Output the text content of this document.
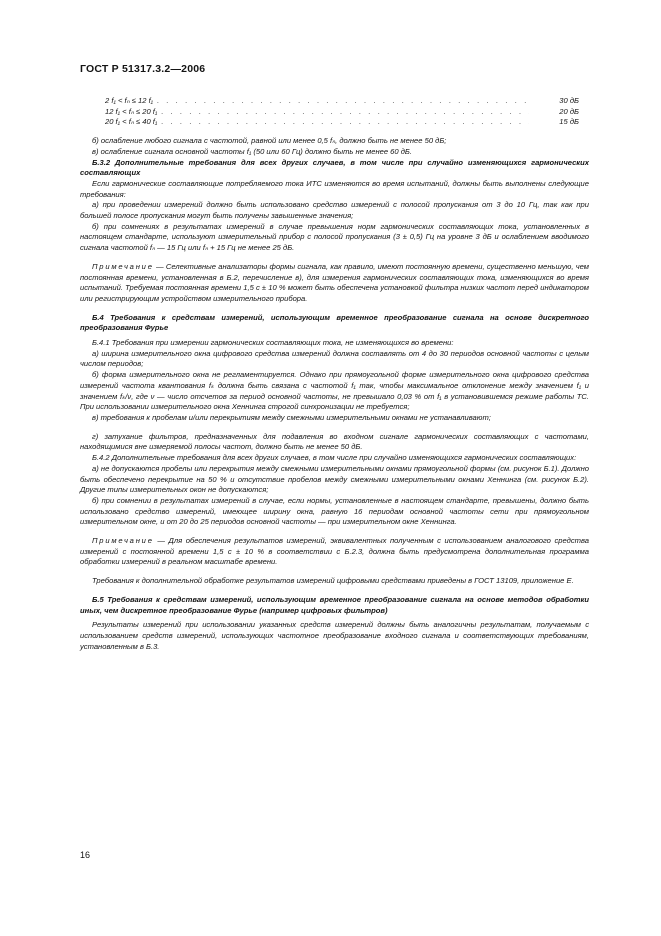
ГОСТ Р 51317.3.2—2006
2 f₁ < fₙ ≤ 12 f₁ . . .	30 дБ
12 f₁ < fₙ ≤ 20 f₁ . . .	20 дБ
20 f₁ < fₙ ≤ 40 f₁ . . .	15 дБ

б) ослабление любого сигнала с частотой, равной или менее 0,5 fₙ, должно быть не менее 50 дБ;

в) ослабление сигнала основной частоты f₁ (50 или 60 Гц) должно быть не менее 60 дБ.

Б.3.2 Дополнительные требования для всех других случаев, в том числе при случайно изменяющихся гармонических составляющих

Если гармонические составляющие потребляемого тока ИТС изменяются во время испытаний, должны быть выполнены следующие требования:

а) при проведении измерений должно быть использовано средство измерений с полосой пропускания от 3 до 10 Гц, так как при большей полосе пропускания могут быть получены завышенные значения;

б) при сомнениях в результатах измерений в случае превышения норм гармонических составляющих тока, установленных в настоящем стандарте, используют измерительный прибор с полосой пропускания (3 ± 0,5) Гц на уровне 3 дБ и ослаблением вводимого сигнала частотой fₙ — 15 Гц или fₙ + 15 Гц не менее 25 дБ.

Примечание — Селективные анализаторы формы сигнала, как правило, имеют постоянную времени, существенно меньшую, чем постоянная времени, установленная в Б.2, перечисление в), для измерения гармонических составляющих тока, изменяющихся во время испытаний. Требуемая постоянная времени 1,5 с ± 10 % может быть обеспечена установкой фильтра низких частот перед индикатором или регистрирующим устройством измерительного прибора.

Б.4 Требования к средствам измерений, использующим временное преобразование сигнала на основе дискретного преобразования Фурье

Б.4.1 Требования при измерении гармонических составляющих тока, не изменяющихся во времени:

а) ширина измерительного окна цифрового средства измерений должна составлять от 4 до 30 периодов основной частоты с целым числом периодов;

б) форма измерительного окна не регламентируется. Однако при прямоугольной форме измерительного окна цифрового средства измерений частота квантования fₖ должна быть связана с частотой f₁ так, чтобы максимальное отклонение между значением f₁ и значением fₖ/ν, где ν — число отсчетов за период основной частоты, не превышало 0,03 % от f₁ в установившемся режиме работы ТС. При использовании измерительного окна Хеннинга строгой синхронизации не требуется;

в) требования к пробелам и/или перекрытиям между смежными измерительными окнами не устанавливают;

г) затухание фильтров, предназначенных для подавления во входном сигнале гармонических составляющих с частотами, находящимися вне измеряемой полосы частот, должно быть не менее 50 дБ.

Б.4.2 Дополнительные требования для всех других случаев, в том числе при случайно изменяющихся гармонических составляющих:

а) не допускаются пробелы или перекрытия между смежными измерительными окнами прямоугольной формы (см. рисунок Б.1). Должно быть обеспечено перекрытие на 50 % и отсутствие пробелов между смежными измерительными окнами Хеннинга (см. рисунок Б.2). Другие типы измерительных окон не допускаются;

б) при сомнении в результатах измерений в случае, если нормы, установленные в настоящем стандарте, превышены, должно быть использовано средство измерений, имеющее ширину окна, равную 16 периодам основной частоты сети при прямоугольном измерительном окне, и от 20 до 25 периодов основной частоты — при измерительном окне Хеннинга.

Примечание — Для обеспечения результатов измерений, эквивалентных полученным с использованием аналогового средства измерений с постоянной времени 1,5 с ± 10 % в соответствии с Б.2.3, должна быть предусмотрена дополнительная программа обработки измерений в реальном масштабе времени.

Требования к дополнительной обработке результатов измерений цифровыми средствами приведены в ГОСТ 13109, приложение Е.

Б.5 Требования к средствам измерений, использующим временное преобразование сигнала на основе методов обработки иных, чем дискретное преобразование Фурье (например цифровых фильтров)

Результаты измерений при использовании указанных средств измерений должны быть аналогичны результатам, получаемым с использованием средств измерений, использующих частотное преобразование входного сигнала и соответствующих требованиям, установленным в Б.3.

16
